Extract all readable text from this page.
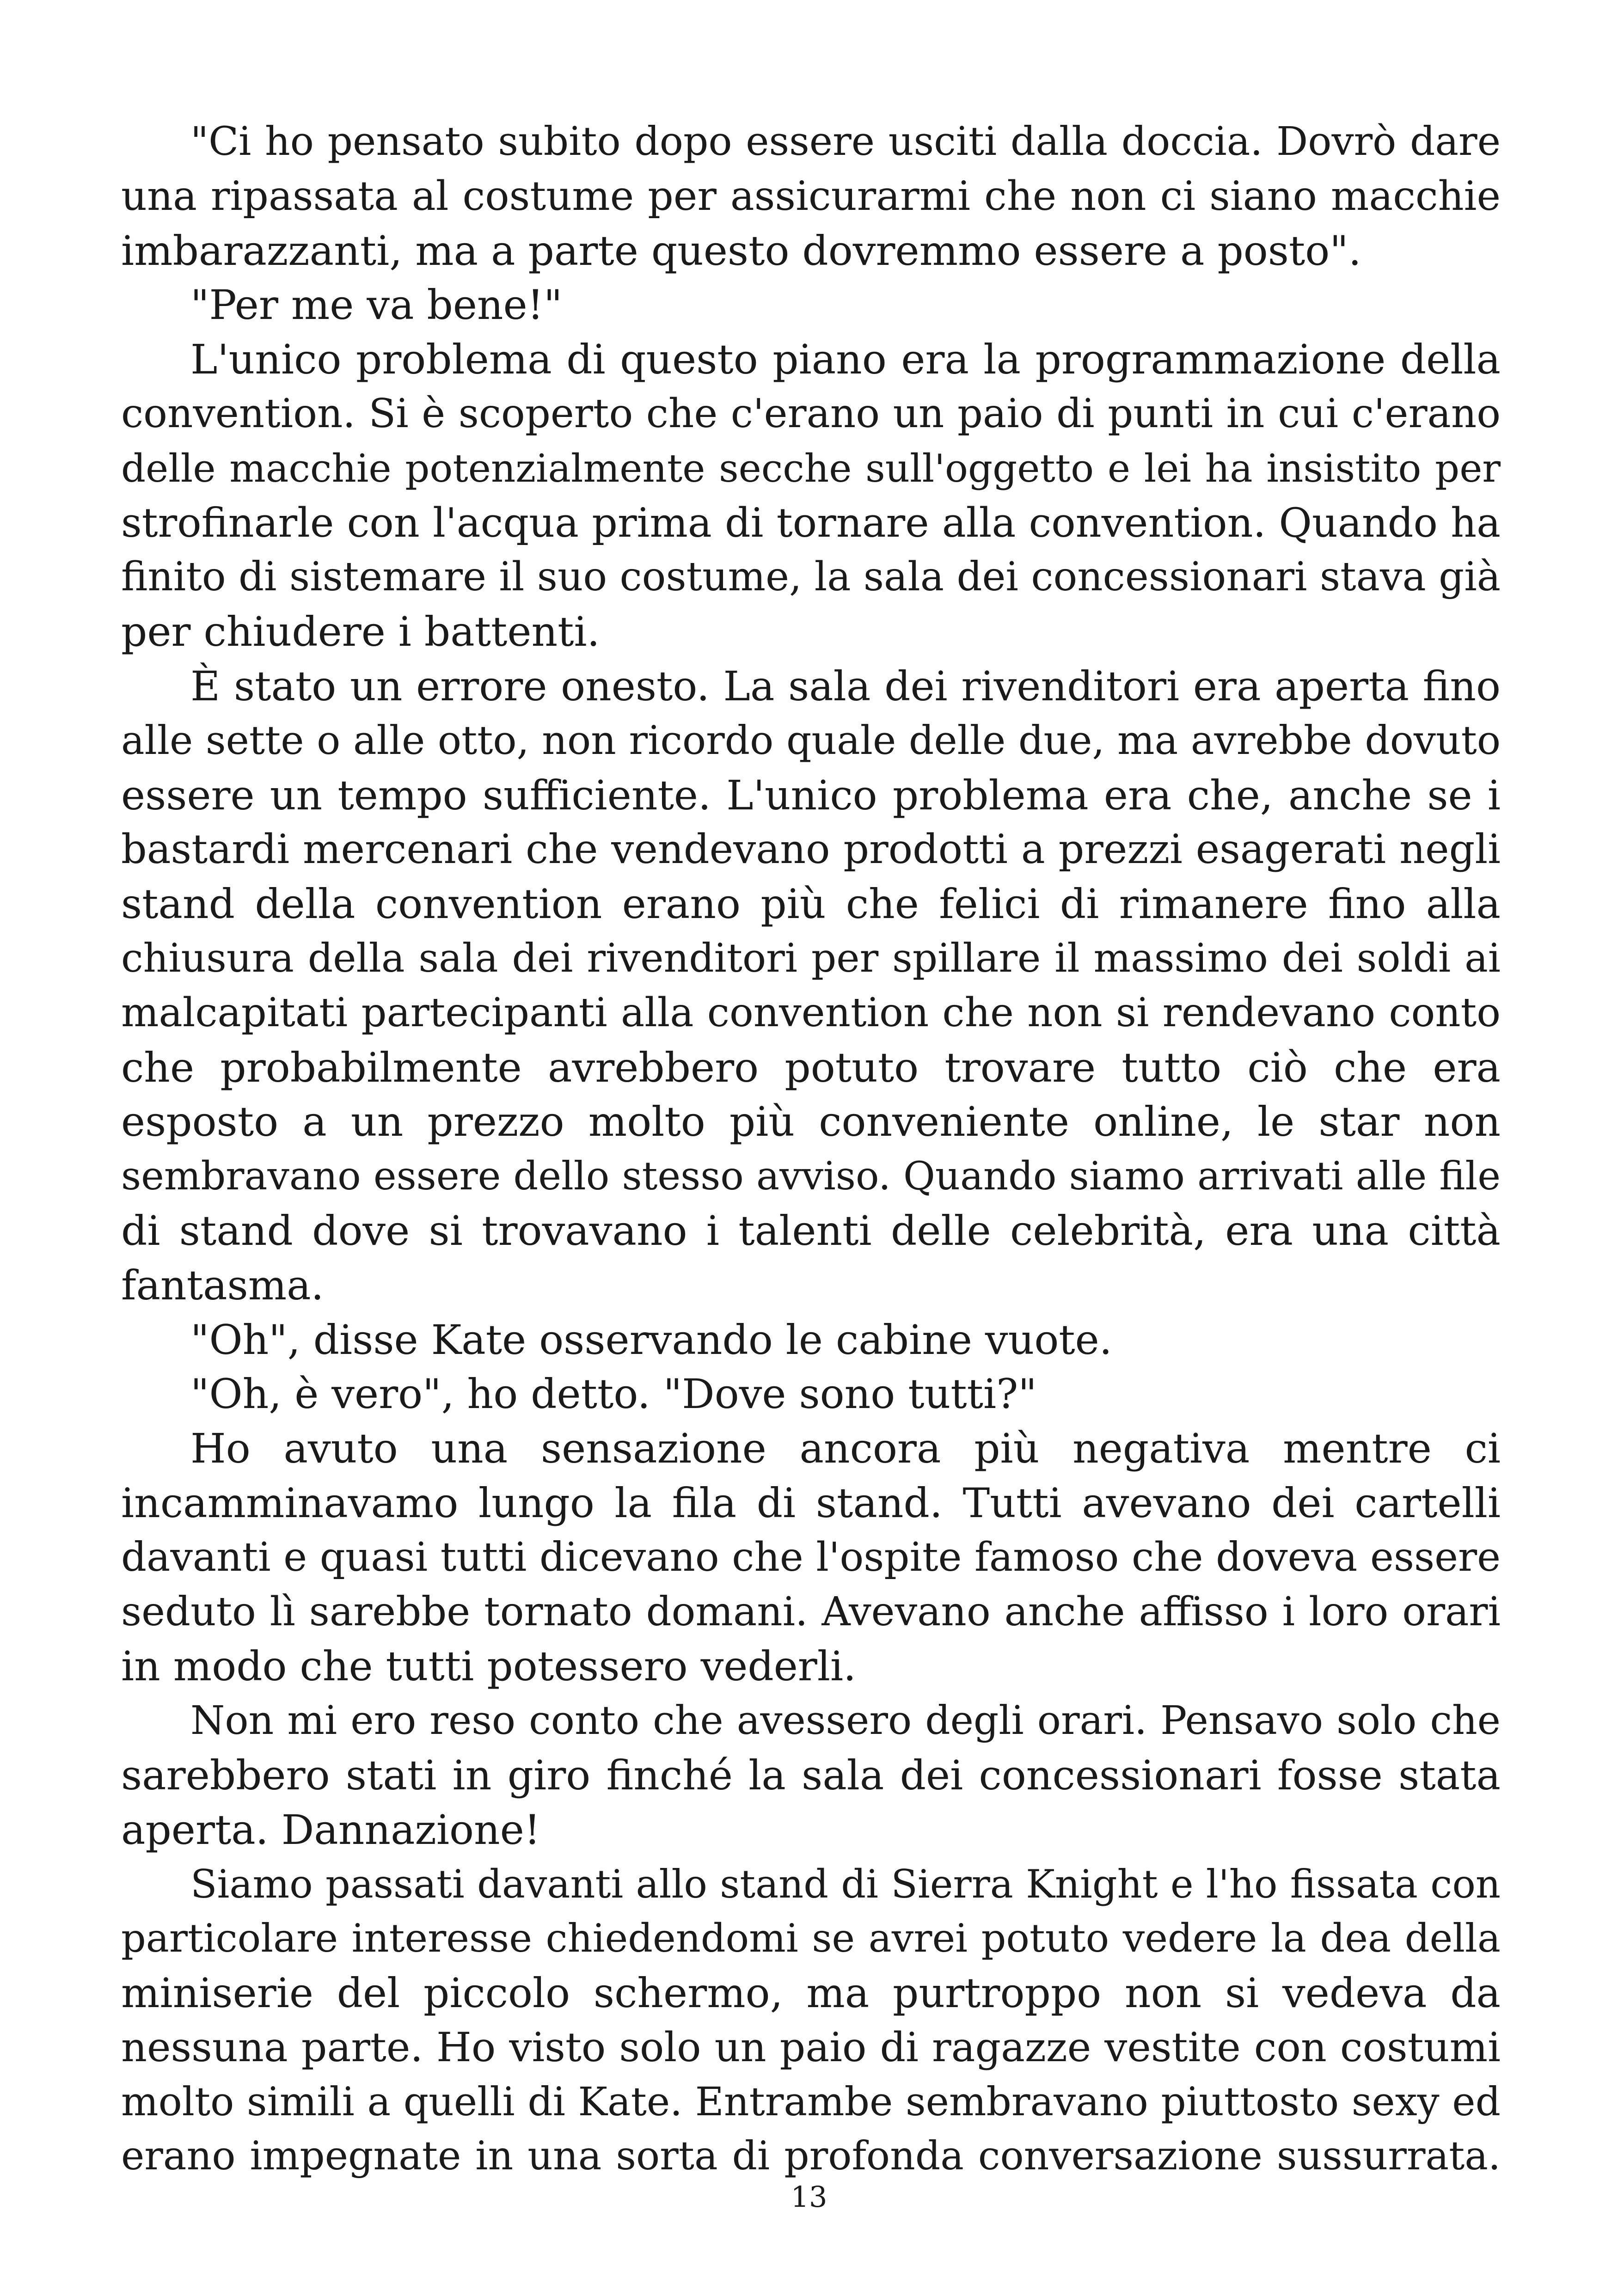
"Ci ho pensato subito dopo essere usciti dalla doccia. Dovrò dare
una ripassata al costume per assicurarmi che non ci siano macchie
imbarazzanti, ma a parte questo dovremmo essere a posto".
"Per me va bene!"
L'unico problema di questo piano era la programmazione della
convention. Si è scoperto che c'erano un paio di punti in cui c'erano
delle macchie potenzialmente secche sull'oggetto e lei ha insistito per
strofinarle con l'acqua prima di tornare alla convention. Quando ha
finito di sistemare il suo costume, la sala dei concessionari stava già
per chiudere i battenti.
È stato un errore onesto. La sala dei rivenditori era aperta fino
alle sette o alle otto, non ricordo quale delle due, ma avrebbe dovuto
essere un tempo sufficiente. L'unico problema era che, anche se i
bastardi mercenari che vendevano prodotti a prezzi esagerati negli
stand della convention erano più che felici di rimanere fino alla
chiusura della sala dei rivenditori per spillare il massimo dei soldi ai
malcapitati partecipanti alla convention che non si rendevano conto
che probabilmente avrebbero potuto trovare tutto ciò che era
esposto a un prezzo molto più conveniente online, le star non
sembravano essere dello stesso avviso. Quando siamo arrivati alle file
di stand dove si trovavano i talenti delle celebrità, era una città
fantasma.
"Oh", disse Kate osservando le cabine vuote.
"Oh, è vero", ho detto. "Dove sono tutti?"
Ho avuto una sensazione ancora più negativa mentre ci
incamminavamo lungo la fila di stand. Tutti avevano dei cartelli
davanti e quasi tutti dicevano che l'ospite famoso che doveva essere
seduto lì sarebbe tornato domani. Avevano anche affisso i loro orari
in modo che tutti potessero vederli.
Non mi ero reso conto che avessero degli orari. Pensavo solo che
sarebbero stati in giro finché la sala dei concessionari fosse stata
aperta. Dannazione!
Siamo passati davanti allo stand di Sierra Knight e l'ho fissata con
particolare interesse chiedendomi se avrei potuto vedere la dea della
miniserie del piccolo schermo, ma purtroppo non si vedeva da
nessuna parte. Ho visto solo un paio di ragazze vestite con costumi
molto simili a quelli di Kate. Entrambe sembravano piuttosto sexy ed
erano impegnate in una sorta di profonda conversazione sussurrata.
13
